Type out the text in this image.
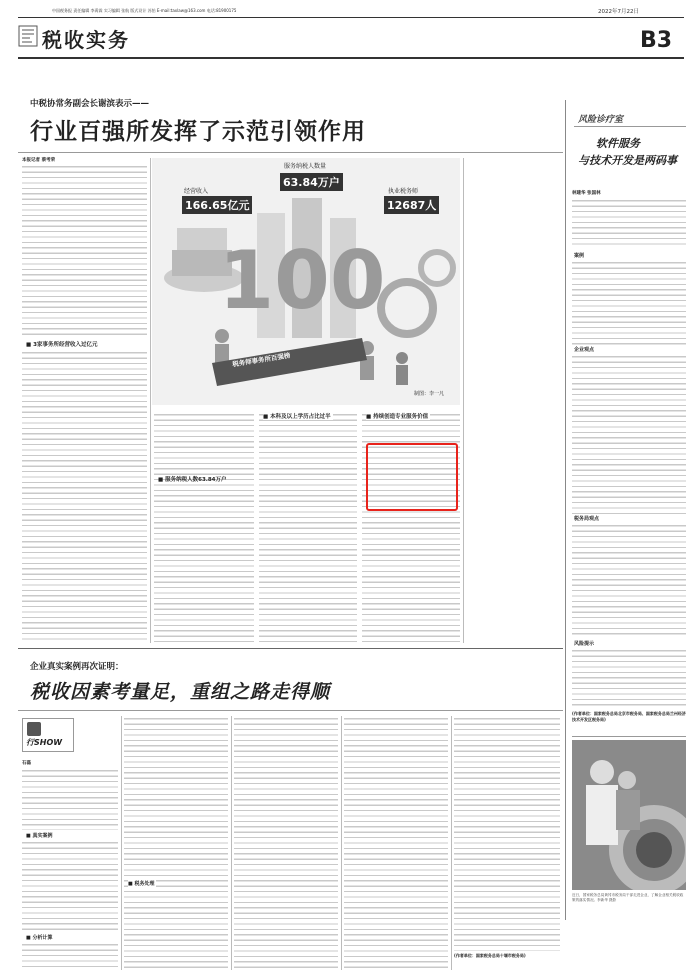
中国税务报 责任编辑 李禹霖 实习编辑 张航 版式设计 苏怡 E-mail:taxlaw@163.com 电话:81900175	2022年7月22日
税收实务	B3
中税协常务副会长谢滨表示——
行业百强所发挥了示范引领作用
本报记者 蔡考荣
■ 3家事务所经营收入过亿元
100
经营收入
166.65亿元
服务纳税人数量
63.84万户
执业税务师
12687人
税务师事务所百强榜
制图：李一凡
■ 服务纳税人数63.84万户
■ 本科及以上学历占比过半	■ 持续创造专业服务价值
风险诊疗室
软件服务
与技术开发是两码事
林建华 张国林
案例
企业观点
税务局观点
风险提示
(作者单位：国家税务总局北京市税务局、国家税务总局兰州经济技术开发区税务局)
近日，国家税务总局黄冈市税务局干部走进企业，了解企业相关税收政策的落实情况。李新华 摄影
企业真实案例再次证明：
税收因素考量足，重组之路走得顺
行SHOW
石磊
■ 真实案例
■ 分析计算
■ 税务处理
(作者单位：国家税务总局十堰市税务局)
